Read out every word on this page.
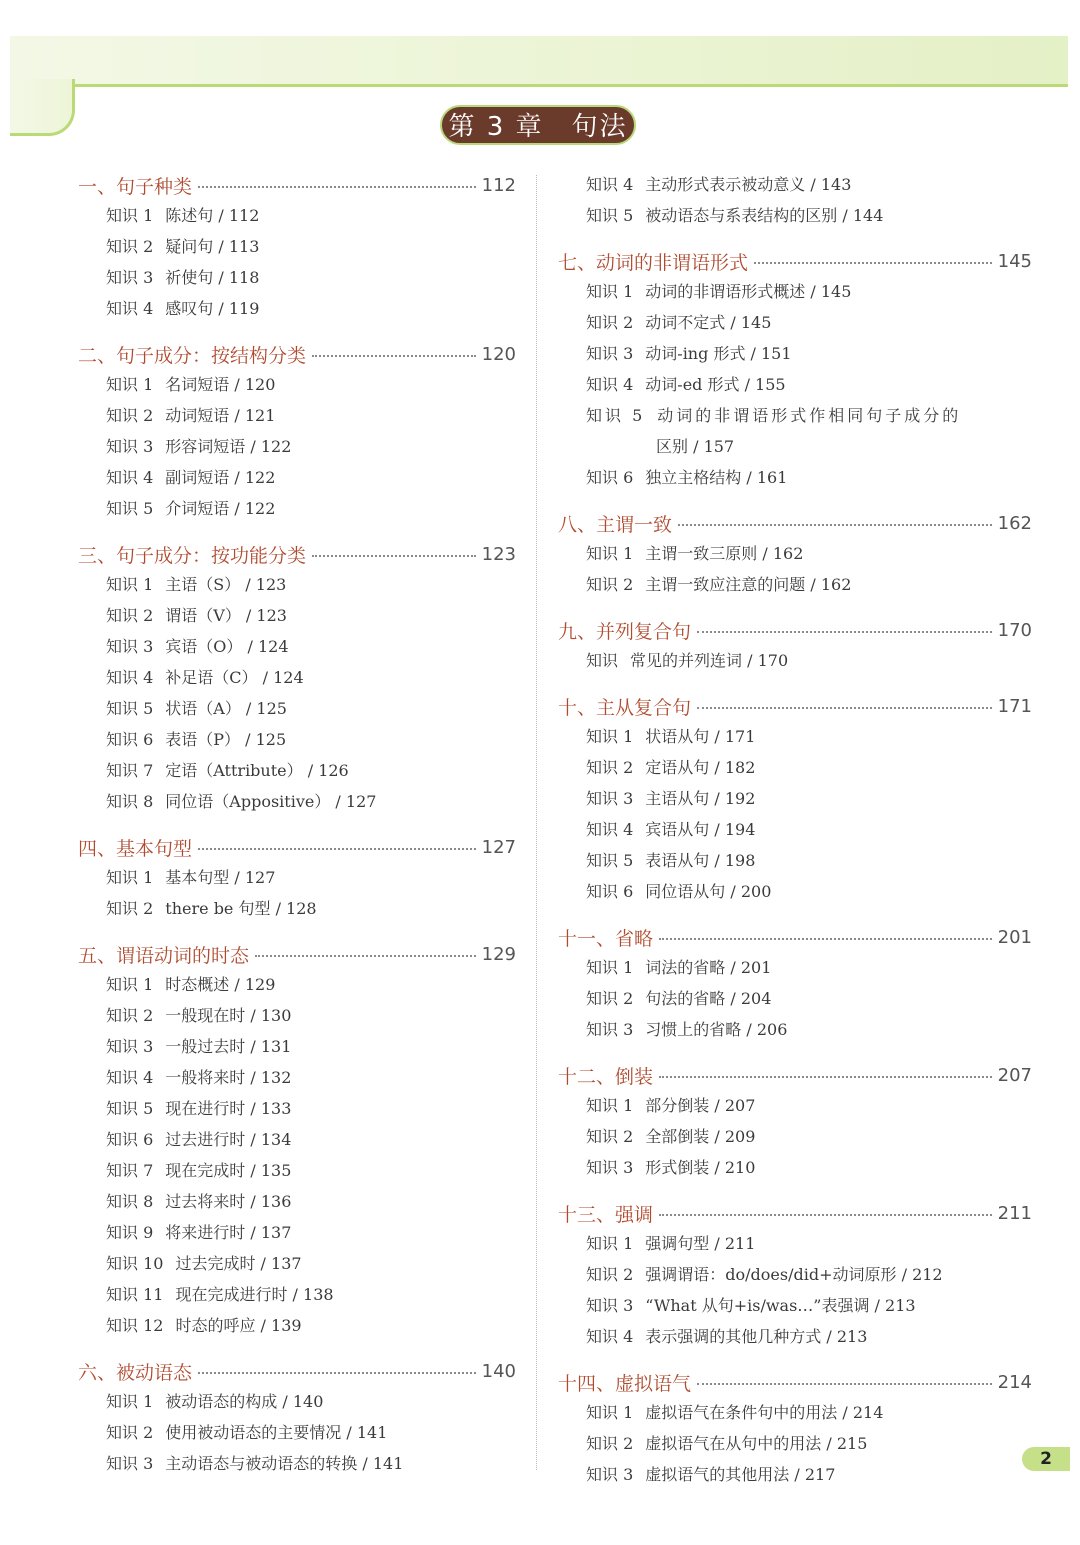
第 3 章　句法
一、句子种类	112
知识 1 陈述句 / 112
知识 2 疑问句 / 113
知识 3 祈使句 / 118
知识 4 感叹句 / 119
二、句子成分：按结构分类	120
知识 1 名词短语 / 120
知识 2 动词短语 / 121
知识 3 形容词短语 / 122
知识 4 副词短语 / 122
知识 5 介词短语 / 122
三、句子成分：按功能分类	123
知识 1 主语（S） / 123
知识 2 谓语（V） / 123
知识 3 宾语（O） / 124
知识 4 补足语（C） / 124
知识 5 状语（A） / 125
知识 6 表语（P） / 125
知识 7 定语（Attribute） / 126
知识 8 同位语（Appositive） / 127
四、基本句型	127
知识 1 基本句型 / 127
知识 2 there be 句型 / 128
五、谓语动词的时态	129
知识 1 时态概述 / 129
知识 2 一般现在时 / 130
知识 3 一般过去时 / 131
知识 4 一般将来时 / 132
知识 5 现在进行时 / 133
知识 6 过去进行时 / 134
知识 7 现在完成时 / 135
知识 8 过去将来时 / 136
知识 9 将来进行时 / 137
知识 10 过去完成时 / 137
知识 11 现在完成进行时 / 138
知识 12 时态的呼应 / 139
六、被动语态	140
知识 1 被动语态的构成 / 140
知识 2 使用被动语态的主要情况 / 141
知识 3 主动语态与被动语态的转换 / 141
知识 4 主动形式表示被动意义 / 143
知识 5 被动语态与系表结构的区别 / 144
七、动词的非谓语形式	145
知识 1 动词的非谓语形式概述 / 145
知识 2 动词不定式 / 145
知识 3 动词-ing 形式 / 151
知识 4 动词-ed 形式 / 155
知识 5 动词的非谓语形式作相同句子成分的
区别 / 157
知识 6 独立主格结构 / 161
八、主谓一致	162
知识 1 主谓一致三原则 / 162
知识 2 主谓一致应注意的问题 / 162
九、并列复合句	170
知识 常见的并列连词 / 170
十、主从复合句	171
知识 1 状语从句 / 171
知识 2 定语从句 / 182
知识 3 主语从句 / 192
知识 4 宾语从句 / 194
知识 5 表语从句 / 198
知识 6 同位语从句 / 200
十一、省略	201
知识 1 词法的省略 / 201
知识 2 句法的省略 / 204
知识 3 习惯上的省略 / 206
十二、倒装	207
知识 1 部分倒装 / 207
知识 2 全部倒装 / 209
知识 3 形式倒装 / 210
十三、强调	211
知识 1 强调句型 / 211
知识 2 强调谓语：do/does/did+动词原形 / 212
知识 3 “What 从句+is/was…”表强调 / 213
知识 4 表示强调的其他几种方式 / 213
十四、虚拟语气	214
知识 1 虚拟语气在条件句中的用法 / 214
知识 2 虚拟语气在从句中的用法 / 215
知识 3 虚拟语气的其他用法 / 217
2
